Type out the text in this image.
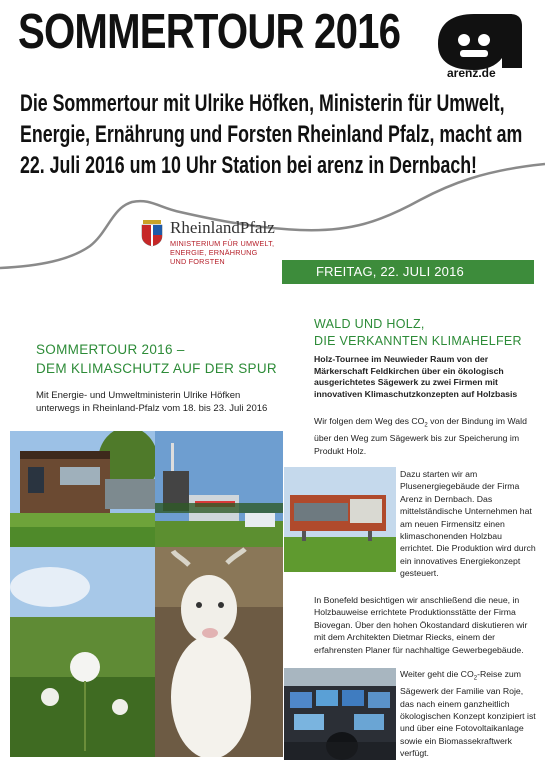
SOMMERTOUR 2016
arenz.de
Die Sommertour mit Ulrike Höfken, Ministerin für Umwelt, Energie, Ernährung und Forsten Rheinland Pfalz, macht am 22. Juli 2016 um 10 Uhr Station bei arenz in Dernbach!
RheinlandPfalz
MINISTERIUM FÜR UMWELT,
ENERGIE, ERNÄHRUNG
UND FORSTEN
FREITAG, 22. JULI 2016
SOMMERTOUR 2016 –
DEM KLIMASCHUTZ AUF DER SPUR
Mit Energie- und Umweltministerin Ulrike Höfken unterwegs in Rheinland-Pfalz vom 18. bis 23. Juli 2016
WALD UND HOLZ,
DIE VERKANNTEN KLIMAHELFER
Holz-Tournee im Neuwieder Raum von der Märkerschaft Feldkirchen über ein ökologisch ausgerichtetes Sägewerk zu zwei Firmen mit innovativen Klimaschutzkonzepten auf Holzbasis
Wir folgen dem Weg des $CO_2$ von der Bindung im Wald über den Weg zum Sägewerk bis zur Speicherung im Produkt Holz.
Dazu starten wir am Plusenergiegebäude der Firma Arenz in Dernbach. Das mittelständische Unternehmen hat am neuen Firmensitz einen klimaschonenden Holzbau errichtet. Die Produktion wird durch ein innovatives Energiekonzept gesteuert.
In Bonefeld besichtigen wir anschließend die neue, in Holzbauweise errichtete Produktionsstätte der Firma Biovegan. Über den hohen Ökostandard diskutieren wir mit dem Architekten Dietmar Riecks, einem der erfahrensten Planer für nachhaltige Gewerbegebäude.
Weiter geht die $CO_2$-Reise zum Sägewerk der Familie van Roje, das nach einem ganzheitlich ökologischen Konzept konzipiert ist und über eine Fotovoltaikanlage sowie ein Biomassekraftwerk verfügt.
